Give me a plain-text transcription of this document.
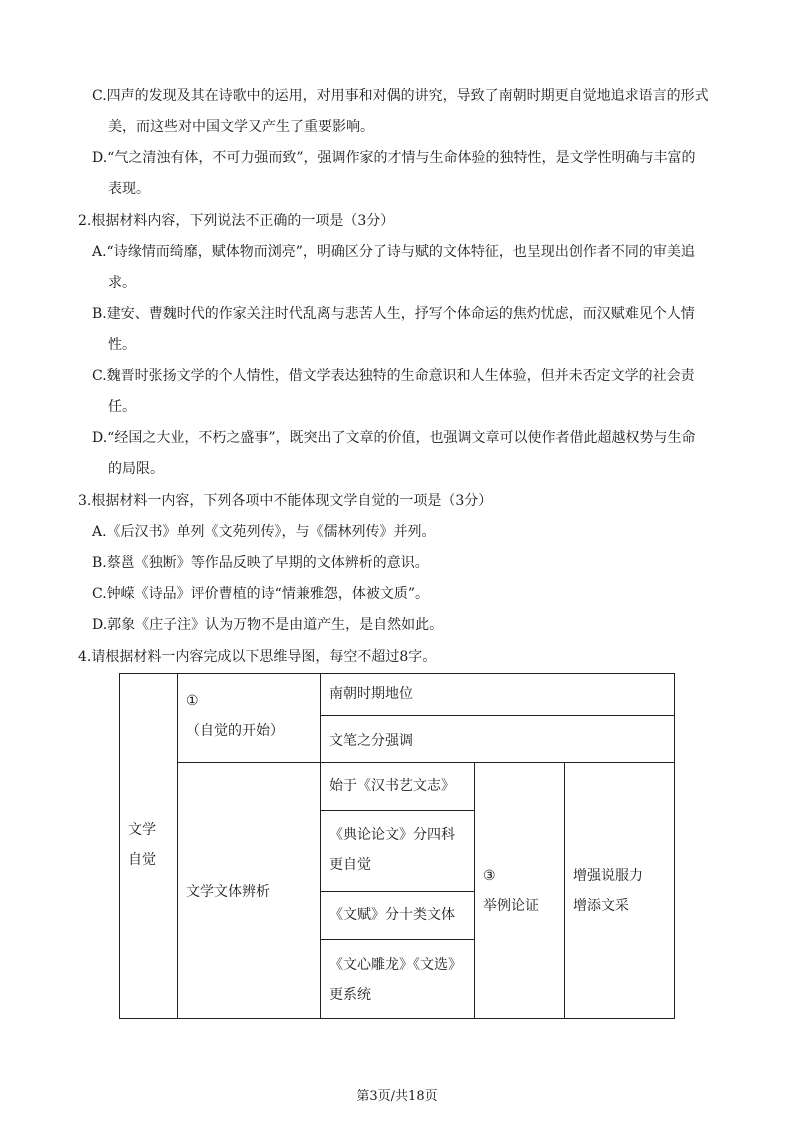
C.四声的发现及其在诗歌中的运用，对用事和对偶的讲究，导致了南朝时期更自觉地追求语言的形式
美，而这些对中国文学又产生了重要影响。
D.“气之清浊有体，不可力强而致”，强调作家的才情与生命体验的独特性，是文学性明确与丰富的
表现。
2.根据材料内容，下列说法不正确的一项是（3分）
A.“诗缘情而绮靡，赋体物而浏亮”，明确区分了诗与赋的文体特征，也呈现出创作者不同的审美追
求。
B.建安、曹魏时代的作家关注时代乱离与悲苦人生，抒写个体命运的焦灼忧虑，而汉赋难见个人情
性。
C.魏晋时张扬文学的个人情性，借文学表达独特的生命意识和人生体验，但并未否定文学的社会责
任。
D.“经国之大业，不朽之盛事”，既突出了文章的价值，也强调文章可以使作者借此超越权势与生命
的局限。
3.根据材料一内容，下列各项中不能体现文学自觉的一项是（3分）
A.《后汉书》单列《文苑列传》，与《儒林列传》并列。
B.蔡邕《独断》等作品反映了早期的文体辨析的意识。
C.钟嵘《诗品》评价曹植的诗“情兼雅怨，体被文质”。
D.郭象《庄子注》认为万物不是由道产生，是自然如此。
4.请根据材料一内容完成以下思维导图，每空不超过8字。
文学
自觉
①
（自觉的开始）
南朝时期地位
文笔之分强调
文学文体辨析
始于《汉书艺文志》
《典论论文》分四科
更自觉
《文赋》分十类文体
《文心雕龙》《文选》
更系统
③
举例论证
增强说服力
增添文采
第3页/共18页
